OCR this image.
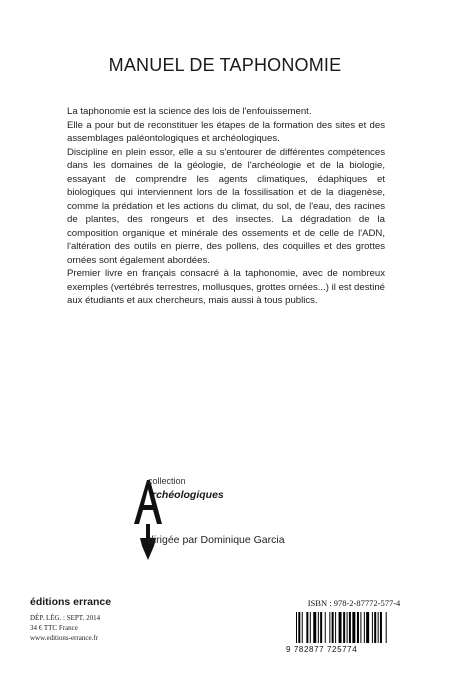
MANUEL DE TAPHONOMIE

La taphonomie est la science des lois de l'enfouissement.

Elle a pour but de reconstituer les étapes de la formation des sites et des assemblages paléontologiques et archéologiques.

Discipline en plein essor, elle a su s'entourer de différentes compétences dans les domaines de la géologie, de l'archéologie et de la biologie, essayant de comprendre les agents climatiques, édaphiques et biologiques qui interviennent lors de la fossilisation et de la diagenèse, comme la prédation et les actions du climat, du sol, de l'eau, des racines de plantes, des rongeurs et des insectes. La dégradation de la composition organique et minérale des ossements et de celle de l'ADN, l'altération des outils en pierre, des pollens, des coquilles et des grottes ornées sont également abordées.

Premier livre en français consacré à la taphonomie, avec de nombreux exemples (vertébrés terrestres, mollusques, grottes ornées...) il est destiné aux étudiants et aux chercheurs, mais aussi à tous publics.

collection
rchéologiques
dirigée par Dominique Garcia
éditions errance
DÉP. LÉG. : SEPT. 2014
34 € TTC France
www.editions-errance.fr
ISBN : 978-2-87772-577-4
9 782877 725774
